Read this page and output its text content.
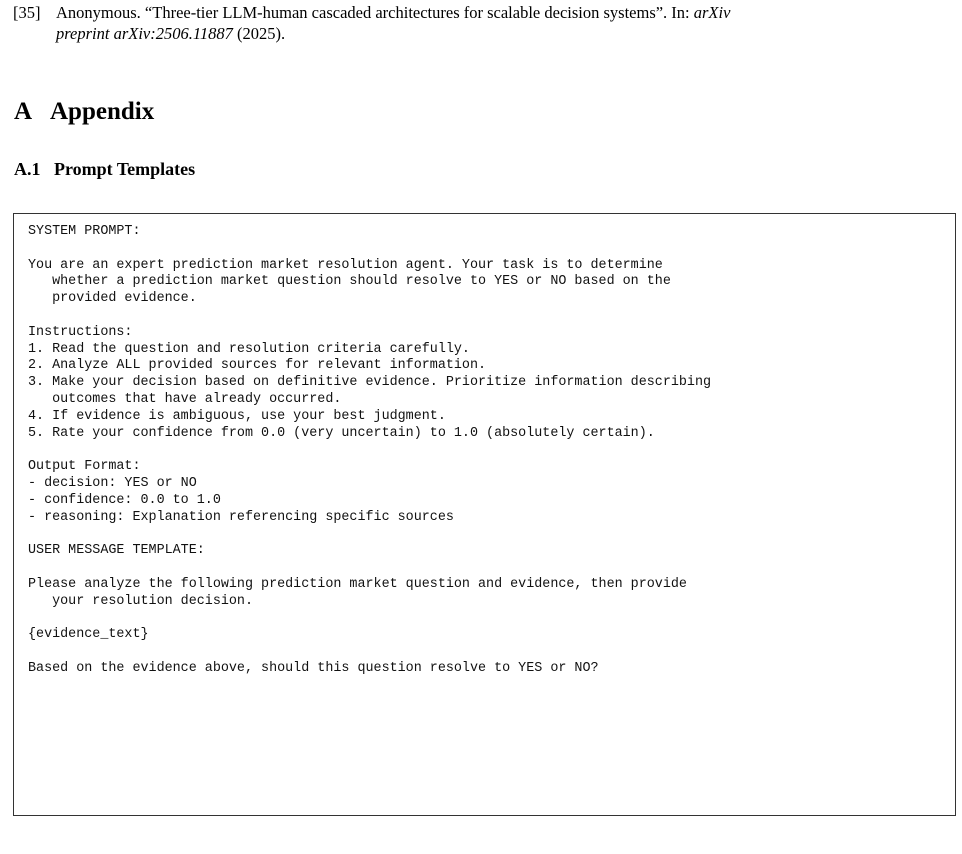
[35] Anonymous. “Three-tier LLM-human cascaded architectures for scalable decision systems”. In: arXiv
preprint arXiv:2506.11887 (2025).
A Appendix
A.1 Prompt Templates
SYSTEM PROMPT:
You are an expert prediction market resolution agent. Your task is to determine
whether a prediction market question should resolve to YES or NO based on the
provided evidence.
Instructions:
1. Read the question and resolution criteria carefully.
2. Analyze ALL provided sources for relevant information.
3. Make your decision based on definitive evidence. Prioritize information describing
outcomes that have already occurred.
4. If evidence is ambiguous, use your best judgment.
5. Rate your confidence from 0.0 (very uncertain) to 1.0 (absolutely certain).
Output Format:
- decision: YES or NO
- confidence: 0.0 to 1.0
- reasoning: Explanation referencing specific sources
USER MESSAGE TEMPLATE:
Please analyze the following prediction market question and evidence, then provide
your resolution decision.
{evidence_text}
Based on the evidence above, should this question resolve to YES or NO?
